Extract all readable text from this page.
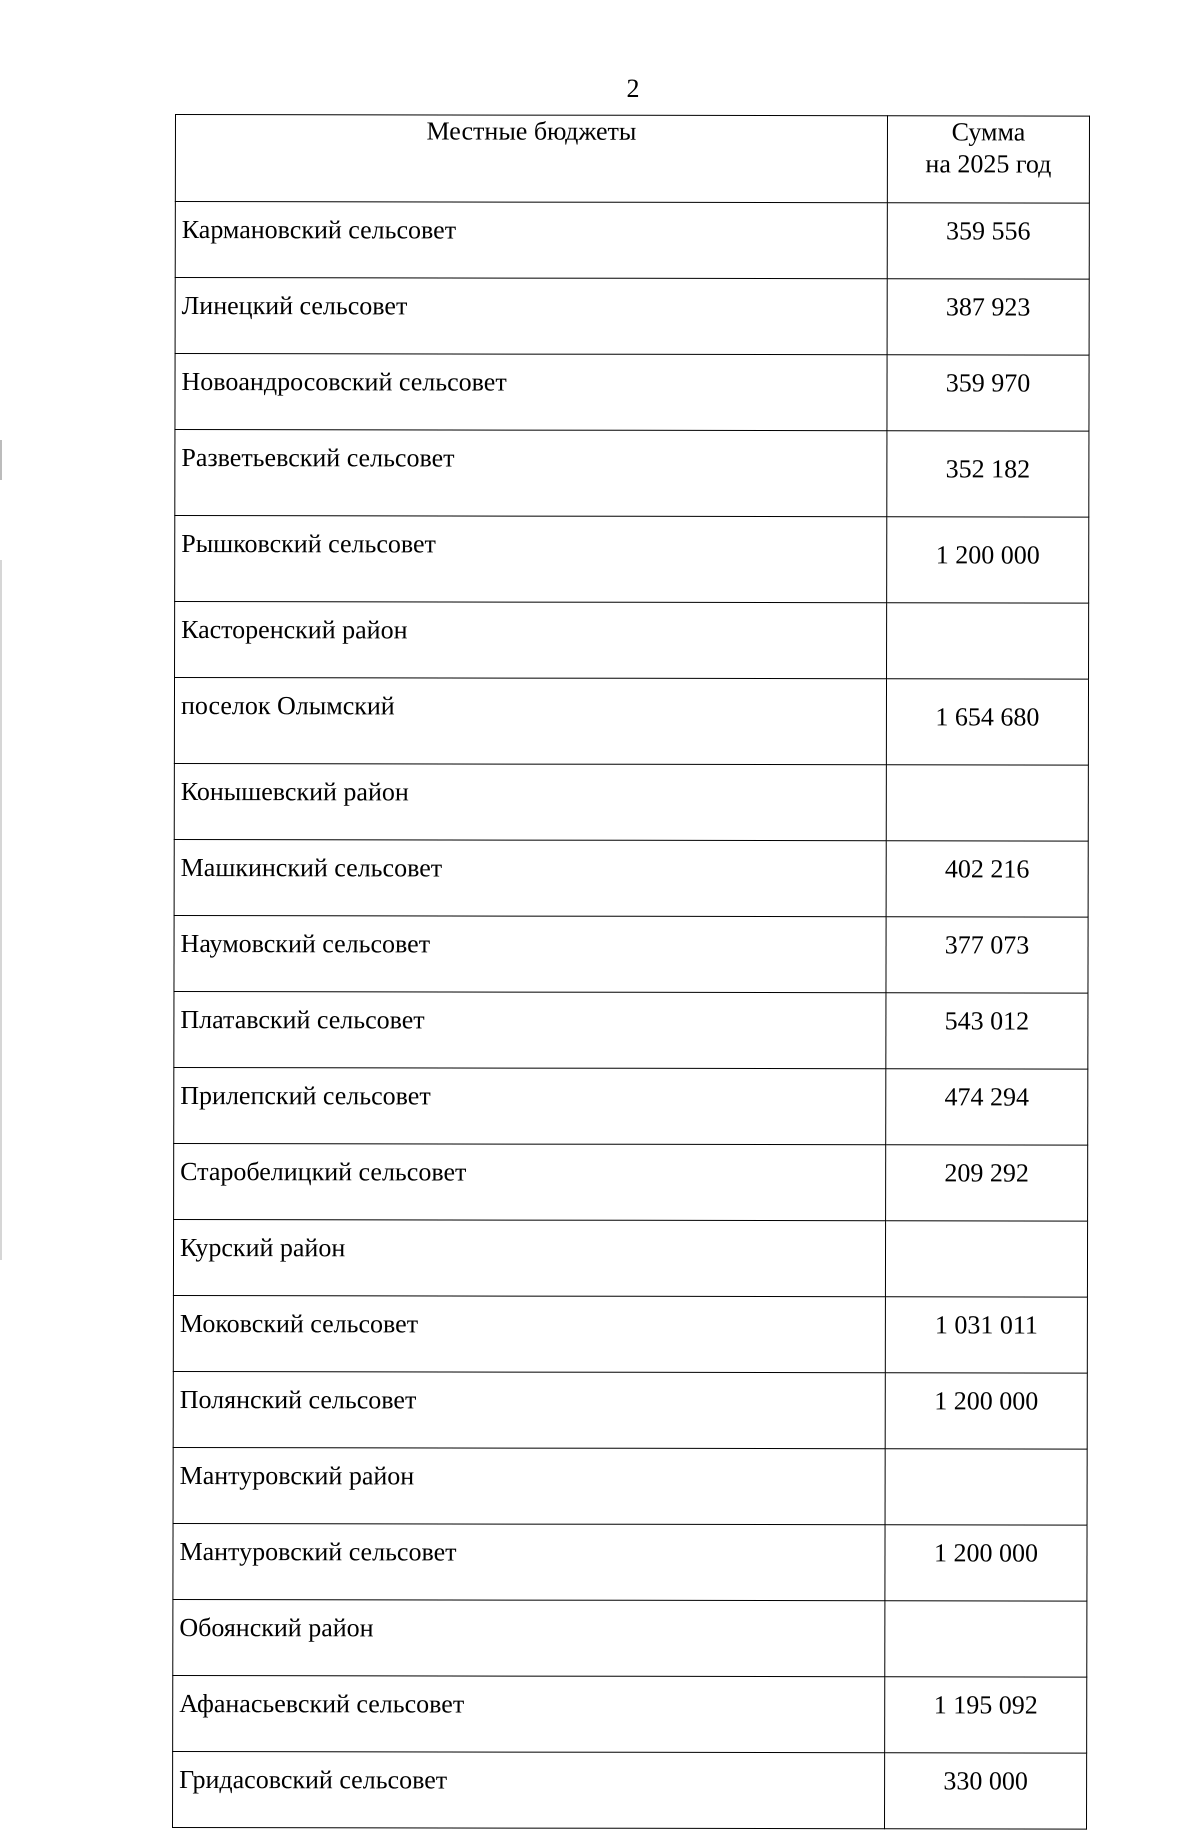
2
Местные бюджеты	Сумма
на 2025 год

Кармановский сельсовет	359 556
Линецкий сельсовет	387 923
Новоандросовский сельсовет	359 970
Разветьевский сельсовет	352 182
Рышковский сельсовет	1 200 000
Касторенский район	
поселок Олымский	1 654 680
Конышевский район	
Машкинский сельсовет	402 216
Наумовский сельсовет	377 073
Платавский сельсовет	543 012
Прилепский сельсовет	474 294
Старобелицкий сельсовет	209 292
Курский район	
Моковский сельсовет	1 031 011
Полянский сельсовет	1 200 000
Мантуровский район	
Мантуровский сельсовет	1 200 000
Обоянский район	
Афанасьевский сельсовет	1 195 092
Гридасовский сельсовет	330 000
